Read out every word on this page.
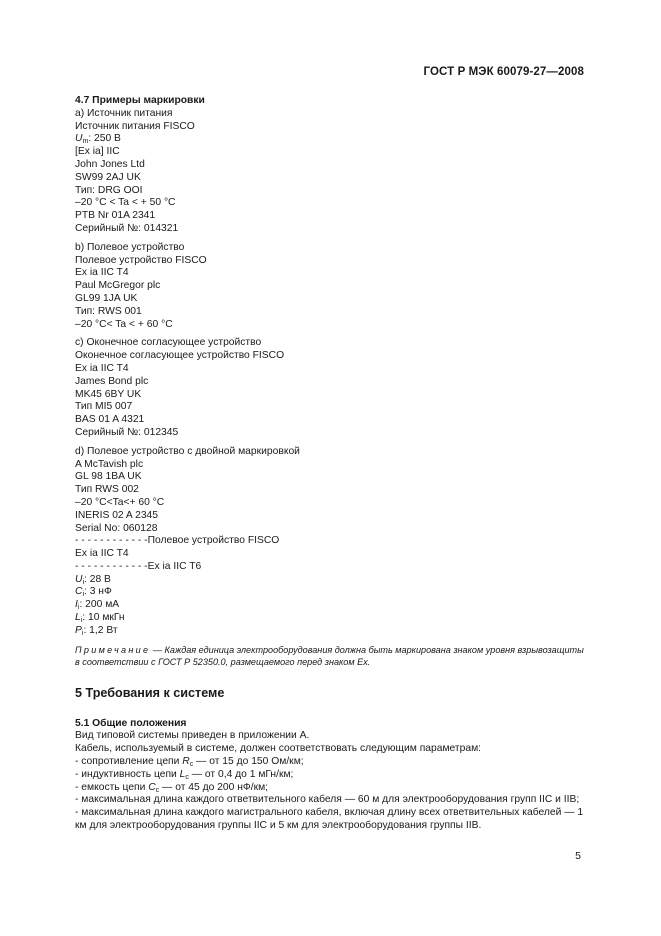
ГОСТ Р МЭК 60079-27—2008
4.7 Примеры маркировки
a) Источник питания
Источник питания FISCO
$U_m$: 250 В
[Ex ia] IIC
John Jones Ltd
SW99 2AJ UK
Тип: DRG OOI
–20 °C < Ta < + 50 °C
PTB Nr 01A 2341
Серийный №: 014321
b) Полевое устройство
Полевое устройство FISCO
Ex ia IIC T4
Paul McGregor plc
GL99 1JA UK
Тип: RWS 001
–20 °C< Ta < + 60 °C
c) Оконечное согласующее устройство
Оконечное согласующее устройство FISCO
Ex ia IIC T4
James Bond plc
MK45 6BY UK
Тип MI5 007
BAS 01 A 4321
Серийный №: 012345
d) Полевое устройство с двойной маркировкой
A McTavish plc
GL 98 1BA UK
Тип RWS 002
–20 °C<Ta<+ 60 °C
INERIS 02 A 2345
Serial No: 060128
- - - - - - - - - - - -Полевое устройство FISCO
Ex ia IIC T4
- - - - - - - - - - - -Ex ia IIC T6
$U_i$: 28 В
$C_i$: 3 нФ
$I_i$: 200 мА
$L_i$: 10 мкГн
$P_i$: 1,2 Вт
Примечание — Каждая единица электрооборудования должна быть маркирована знаком уровня взрывозащиты в соответствии с ГОСТ Р 52350.0, размещаемого перед знаком Ex.
5 Требования к системе
5.1 Общие положения
Вид типовой системы приведен в приложении А.
Кабель, используемый в системе, должен соответствовать следующим параметрам:
- сопротивление цепи $R_c$ — от 15 до 150 Ом/км;
- индуктивность цепи $L_c$ — от 0,4 до 1 мГн/км;
- емкость цепи $C_c$ — от 45 до 200 нФ/км;
- максимальная длина каждого ответвительного кабеля — 60 м для электрооборудования групп IIC и IIB;
- максимальная длина каждого магистрального кабеля, включая длину всех ответвительных кабелей — 1 км для электрооборудования группы IIC и 5 км для электрооборудования группы IIB.
5
